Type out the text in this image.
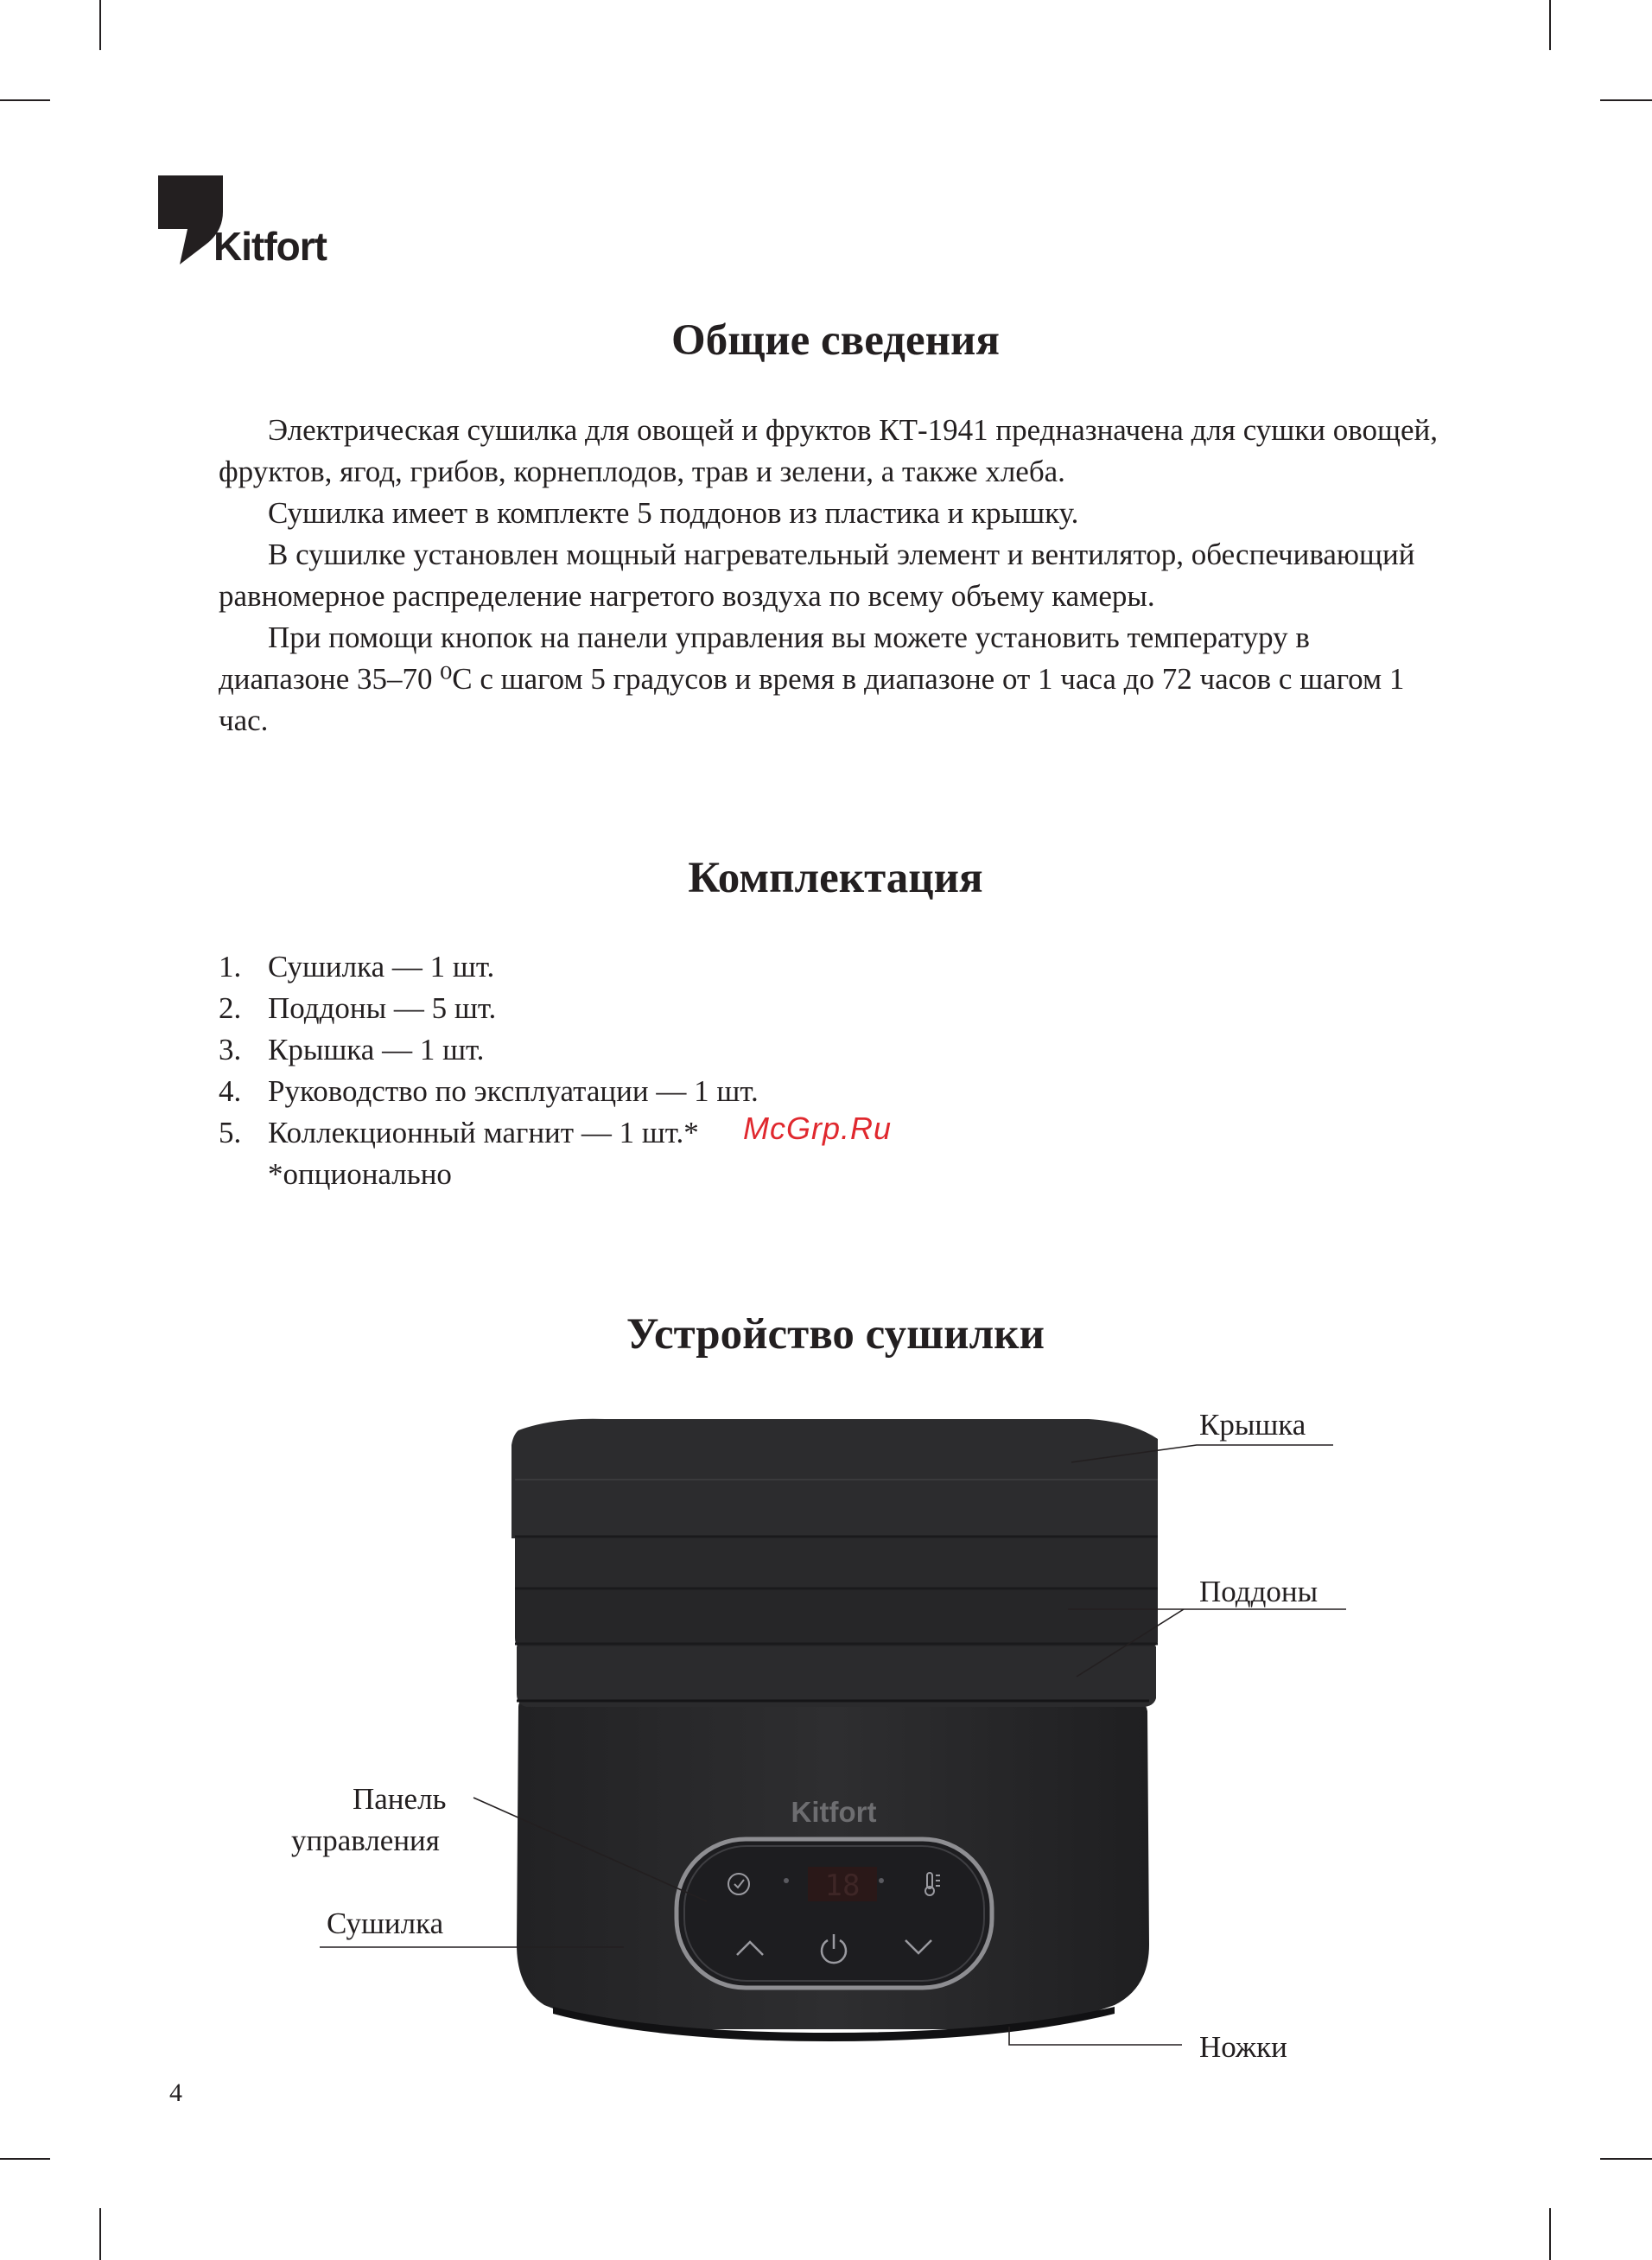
Kitfort
Общие сведения

Электрическая сушилка для овощей и фруктов КТ-1941 предназначена для сушки овощей, фруктов, ягод, грибов, корнеплодов, трав и зелени, а также хлеба.

Сушилка имеет в комплекте 5 поддонов из пластика и крышку.

В сушилке установлен мощный нагревательный элемент и вентилятор, обеспечивающий равномерное распределение нагретого воздуха по всему объему камеры.

При помощи кнопок на панели управления вы можете установить температуру в диапазоне 35–70 ⁰С с шагом 5 градусов и время в диапазоне от 1 часа до 72 часов с шагом 1 час.

Комплектация
1. Сушилка — 1 шт.
2. Поддоны — 5 шт.
3. Крышка — 1 шт.
4. Руководство по эксплуатации — 1 шт.
5. Коллекционный магнит — 1 шт.*
*опционально
McGrp.Ru
Устройство сушилки
Kitfort
18
Крышка
Поддоны
Панель
управления
Сушилка
Ножки
4
